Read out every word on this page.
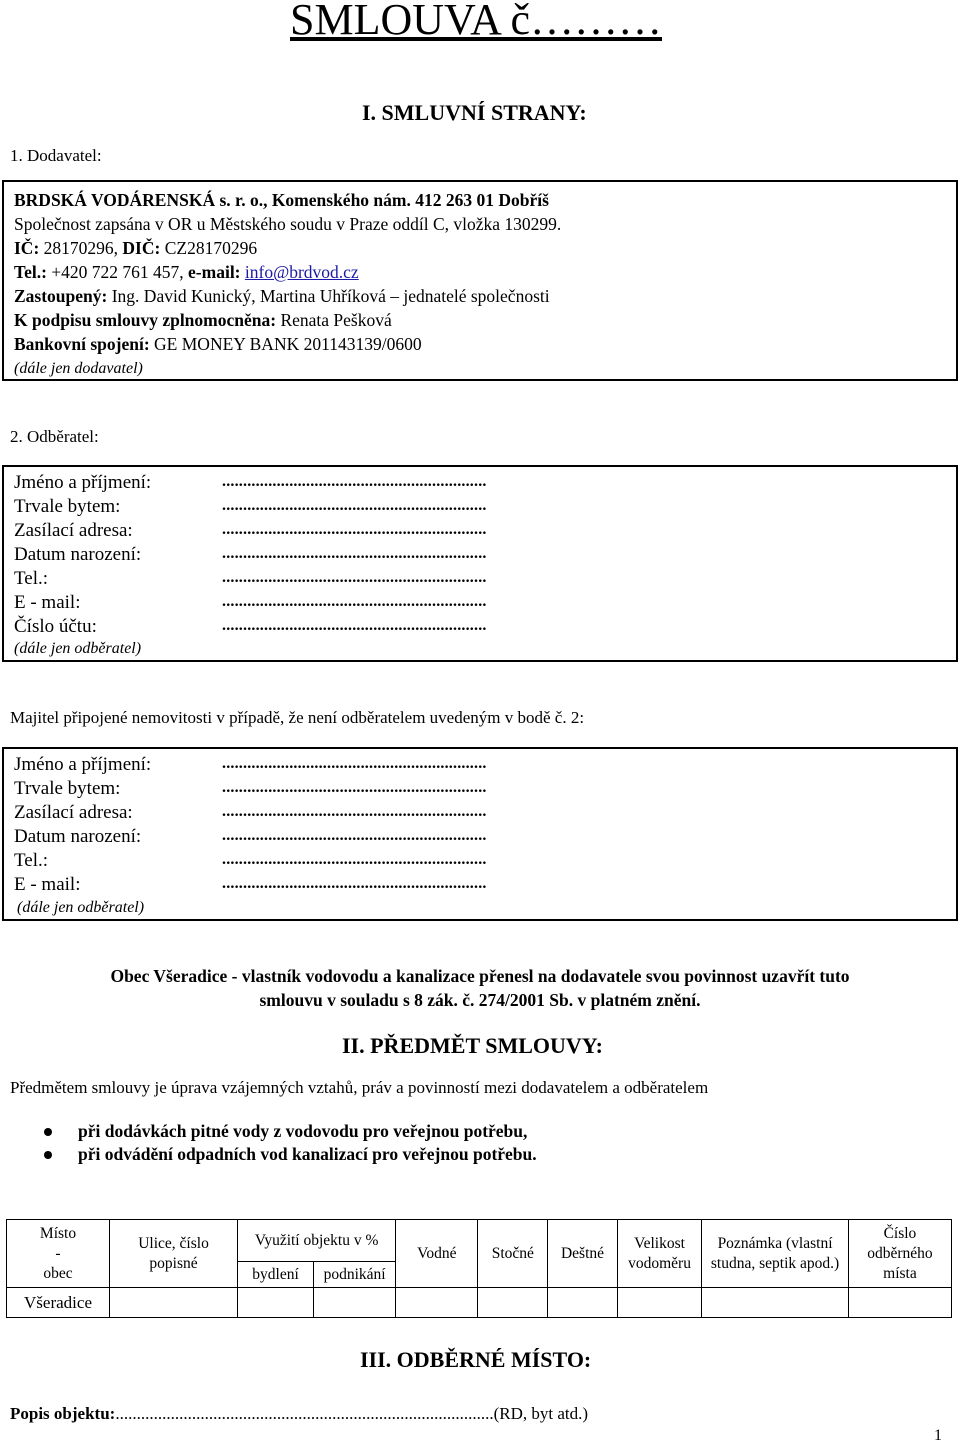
SMLOUVA č………
I. SMLUVNÍ STRANY:
1. Dodavatel:
BRDSKÁ VODÁRENSKÁ s. r. o., Komenského nám. 412 263 01 Dobříš
Společnost zapsána v OR u Městského soudu v Praze oddíl C, vložka 130299.
IČ: 28170296, DIČ: CZ28170296
Tel.: +420 722 761 457, e-mail: info@brdvod.cz
Zastoupený: Ing. David Kunický, Martina Uhříková – jednatelé společnosti
K podpisu smlouvy zplnomocněna: Renata Pešková
Bankovní spojení: GE MONEY BANK 201143139/0600
(dále jen dodavatel)
2. Odběratel:
Jméno a příjmení:	...............................................................
Trvale bytem:	...............................................................
Zasílací adresa:	...............................................................
Datum narození:	...............................................................
Tel.:	...............................................................
E - mail:	...............................................................
Číslo účtu:	...............................................................
(dále jen odběratel)
Majitel připojené nemovitosti v případě, že není odběratelem uvedeným v bodě č. 2:
Jméno a příjmení:	...............................................................
Trvale bytem:	...............................................................
Zasílací adresa:	...............................................................
Datum narození:	...............................................................
Tel.:	...............................................................
E - mail:	...............................................................
(dále jen odběratel)
Obec Všeradice - vlastník vodovodu a kanalizace přenesl na dodavatele svou povinnost uzavřít tuto
smlouvu v souladu s 8 zák. č. 274/2001 Sb. v platném znění.
II. PŘEDMĚT SMLOUVY:
Předmětem smlouvy je úprava vzájemných vztahů, práv a povinností mezi dodavatelem a odběratelem
při dodávkách pitné vody z vodovodu pro veřejnou potřebu,
při odvádění odpadních vod kanalizací pro veřejnou potřebu.
Místo
-
obec	Ulice, číslo popisné	Využití objektu v %		Vodné	Stočné	Deštné	Velikost vodoměru	Poznámka (vlastní studna, septik apod.)	Číslo odběrného místa
		bydlení	podnikání						
Všeradice									
III. ODBĚRNÉ MÍSTO:
Popis objektu:.........................................................................................(RD, byt atd.)
1
